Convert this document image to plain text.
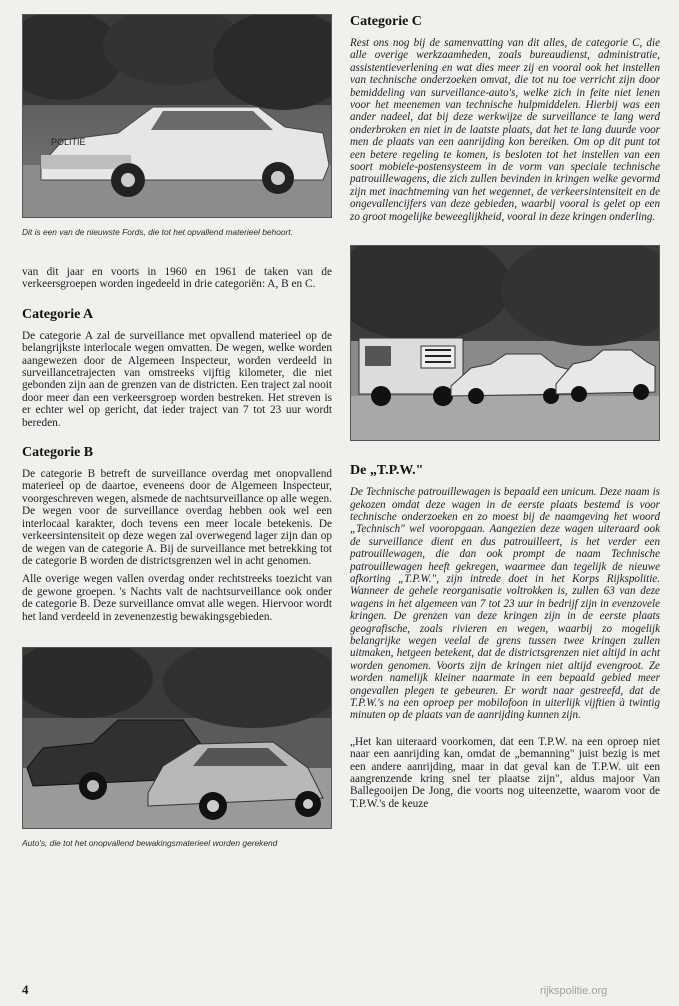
POLITIE

Dit is een van de nieuwste Fords, die tot het opvallend materieel behoort.

van dit jaar en voorts in 1960 en 1961 de taken van de verkeersgroepen worden ingedeeld in drie categoriën: A, B en C.

Categorie A

De categorie A zal de surveillance met opvallend materieel op de belangrijkste interlocale wegen omvatten. De wegen, welke worden aangewezen door de Algemeen Inspecteur, worden verdeeld in surveillancetrajecten van omstreeks vijftig kilometer, die niet gebonden zijn aan de grenzen van de districten. Een traject zal nooit door meer dan een verkeersgroep worden bestreken. Het streven is er echter wel op gericht, dat ieder traject van 7 tot 23 uur wordt bereden.

Categorie B

De categorie B betreft de surveillance overdag met onopvallend materieel op de daartoe, eveneens door de Algemeen Inspecteur, voorgeschreven wegen, alsmede de nachtsurveillance op alle wegen. De wegen voor de surveillance overdag hebben ook wel een interlocaal karakter, doch tevens een meer locale betekenis. De verkeersintensiteit op deze wegen zal overwegend lager zijn dan op de wegen van de categorie A. Bij de surveillance met betrekking tot de categorie B worden de districtsgrenzen wel in acht genomen.

Alle overige wegen vallen overdag onder rechtstreeks toezicht van de gewone groepen. 's Nachts valt de nachtsurveillance ook onder de categorie B. Deze surveillance omvat alle wegen. Hiervoor wordt het land verdeeld in zevenenzestig bewakingsgebieden.

Auto's, die tot het onopvallend bewakingsmaterieel worden gerekend

Categorie C

Rest ons nog bij de samenvatting van dit alles, de categorie C, die alle overige werkzaamheden, zoals bureaudienst, administratie, assistentieverlening en wat dies meer zij en vooral ook het instellen van technische onderzoeken omvat, die tot nu toe verricht zijn door bemiddeling van surveillance-auto's, welke zich in feite niet lenen voor het meenemen van technische hulpmiddelen. Hierbij was een ander nadeel, dat bij deze werkwijze de surveillance te lang werd onderbroken en niet in de laatste plaats, dat het te lang duurde voor men de plaats van een aanrijding kon bereiken. Om op dit punt tot een betere regeling te komen, is besloten tot het instellen van een soort mobiele-postensysteem in de vorm van speciale technische patrouillewagens, die zich zullen bevinden in kringen welke gevormd zijn met inachtneming van het wegennet, de verkeersintensiteit en de ongevallencijfers van deze gebieden, waarbij vooral is gelet op een zo groot mogelijke beweeglijkheid, vooral in deze kringen onderling.

De „T.P.W."

De Technische patrouillewagen is bepaald een unicum. Deze naam is gekozen omdat deze wagen in de eerste plaats bestemd is voor technische onderzoeken en zo moest bij de naamgeving het woord „Technisch" wel vooropgaan. Aangezien deze wagen uiteraard ook de surveillance dient en dus patrouilleert, is het verder een patrouillewagen, die dan ook prompt de naam Technische patrouillewagen heeft gekregen, waarmee dan tegelijk de nieuwe afkorting „T.P.W.", zijn intrede doet in het Korps Rijkspolitie. Wanneer de gehele reorganisatie voltrokken is, zullen 63 van deze wagens in het algemeen van 7 tot 23 uur in bedrijf zijn in evenzovele kringen. De grenzen van deze kringen zijn in de eerste plaats geografische, zoals rivieren en wegen, waarbij zo mogelijk belangrijke wegen veelal de grens tussen twee kringen zullen uitmaken, hetgeen betekent, dat de districtsgrenzen niet altijd in acht worden genomen. Voorts zijn de kringen niet altijd evengroot. Ze worden namelijk kleiner naarmate in een bepaald gebied meer ongevallen plegen te gebeuren. Er wordt naar gestreefd, dat de T.P.W.'s na een oproep per mobilofoon in uiterlijk vijftien à twintig minuten op de plaats van de aanrijding kunnen zijn.

„Het kan uiteraard voorkomen, dat een T.P.W. na een oproep niet naar een aanrijding kan, omdat de „bemanning" juist bezig is met een andere aanrijding, maar in dat geval kan de T.P.W. uit een aangrenzende kring snel ter plaatse zijn", aldus majoor Van Ballegooijen De Jong, die voorts nog uiteenzette, waarom voor de T.P.W.'s de keuze

4	rijkspolitie.org
